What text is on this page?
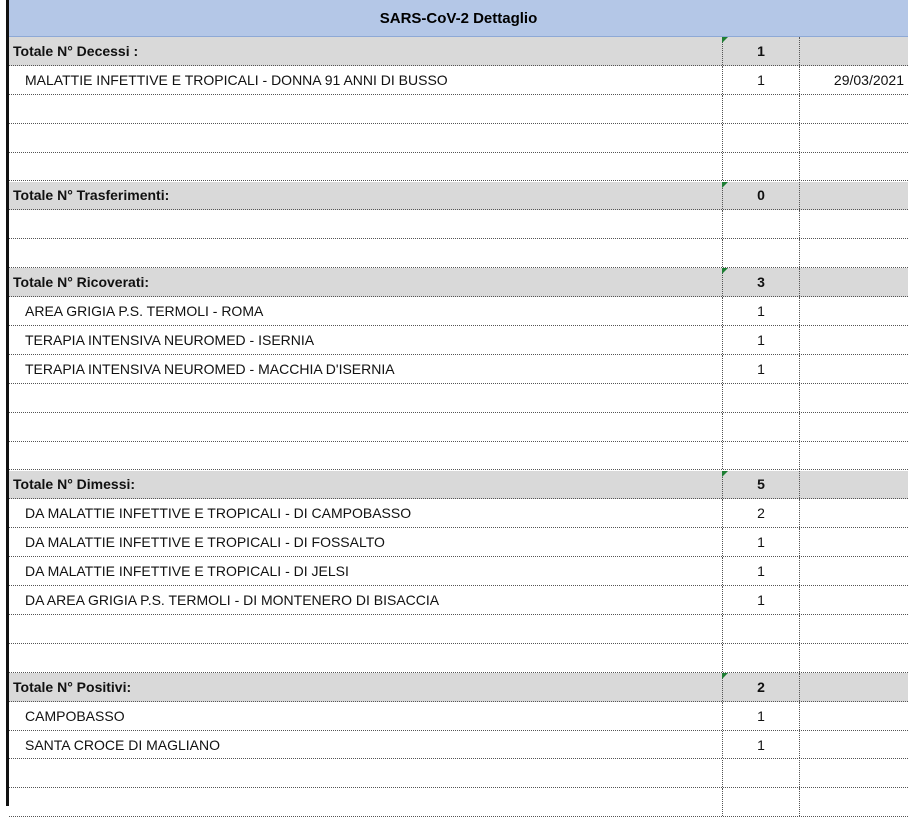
SARS-CoV-2 Dettaglio
Totale N° Decessi :	1
MALATTIE INFETTIVE E TROPICALI - DONNA 91 ANNI DI BUSSO	1	29/03/2021
Totale N° Trasferimenti:	0
Totale N° Ricoverati:	3
AREA GRIGIA P.S. TERMOLI - ROMA	1
TERAPIA INTENSIVA NEUROMED - ISERNIA	1
TERAPIA INTENSIVA NEUROMED - MACCHIA D'ISERNIA	1
Totale N° Dimessi:	5
DA MALATTIE INFETTIVE E TROPICALI - DI CAMPOBASSO	2
DA MALATTIE INFETTIVE E TROPICALI - DI FOSSALTO	1
DA MALATTIE INFETTIVE E TROPICALI - DI JELSI	1
DA AREA GRIGIA P.S. TERMOLI - DI MONTENERO DI BISACCIA	1
Totale N° Positivi:	2
CAMPOBASSO	1
SANTA CROCE DI MAGLIANO	1
